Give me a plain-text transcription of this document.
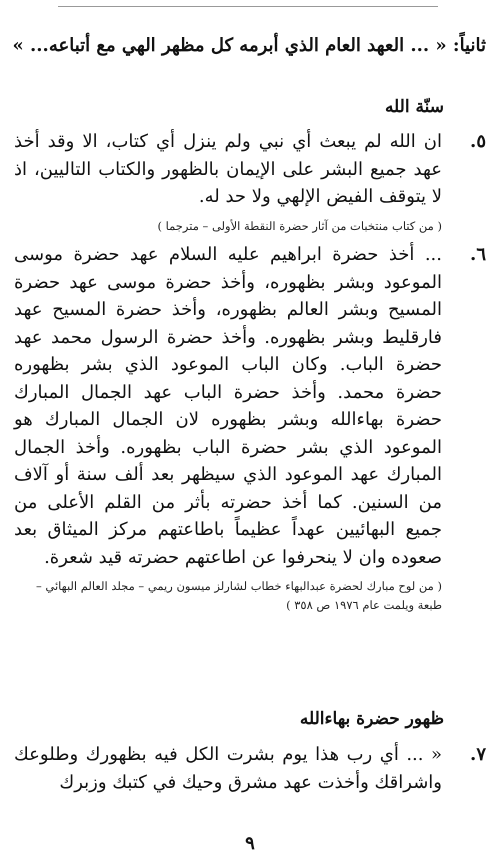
ثانياً: « ... العهد العام الذي أبرمه كل مظهر الهي مع أتباعه... »
سنّة الله
٥.
ان الله لم يبعث أي نبي ولم ينزل أي كتاب، الا وقد أخذ عهد جميع البشر على الإيمان بالظهور والكتاب التاليين، اذ لا يتوقف الفيض الإلهي ولا حد له.
( من كتاب منتخبات من آثار حضرة النقطة الأولى – مترجما )
٦.
... أخذ حضرة ابراهيم عليه السلام عهد حضرة موسى الموعود وبشر بظهوره، وأخذ حضرة موسى عهد حضرة المسيح وبشر العالم بظهوره، وأخذ حضرة المسيح عهد فارقليط وبشر بظهوره. وأخذ حضرة الرسول محمد عهد حضرة الباب. وكان الباب الموعود الذي بشر بظهوره حضرة محمد. وأخذ حضرة الباب عهد الجمال المبارك حضرة بهاءالله وبشر بظهوره لان الجمال المبارك هو الموعود الذي بشر حضرة الباب بظهوره. وأخذ الجمال المبارك عهد الموعود الذي سيظهر بعد ألف سنة أو آلاف من السنين. كما أخذ حضرته بأثر من القلم الأعلى من جميع البهائيين عهداً عظيماً باطاعتهم مركز الميثاق بعد صعوده وان لا ينحرفوا عن اطاعتهم حضرته قيد شعرة.
( من لوح مبارك لحضرة عبدالبهاء خطاب لشارلز ميسون ريمي – مجلد العالم البهائي – طبعة ويلمت عام ١٩٧٦ ص ٣٥٨ )
ظهور حضرة بهاءالله
٧.
« ... أي رب هذا يوم بشرت الكل فيه بظهورك وطلوعك واشراقك وأخذت عهد مشرق وحيك في كتبك وزبرك
٩
